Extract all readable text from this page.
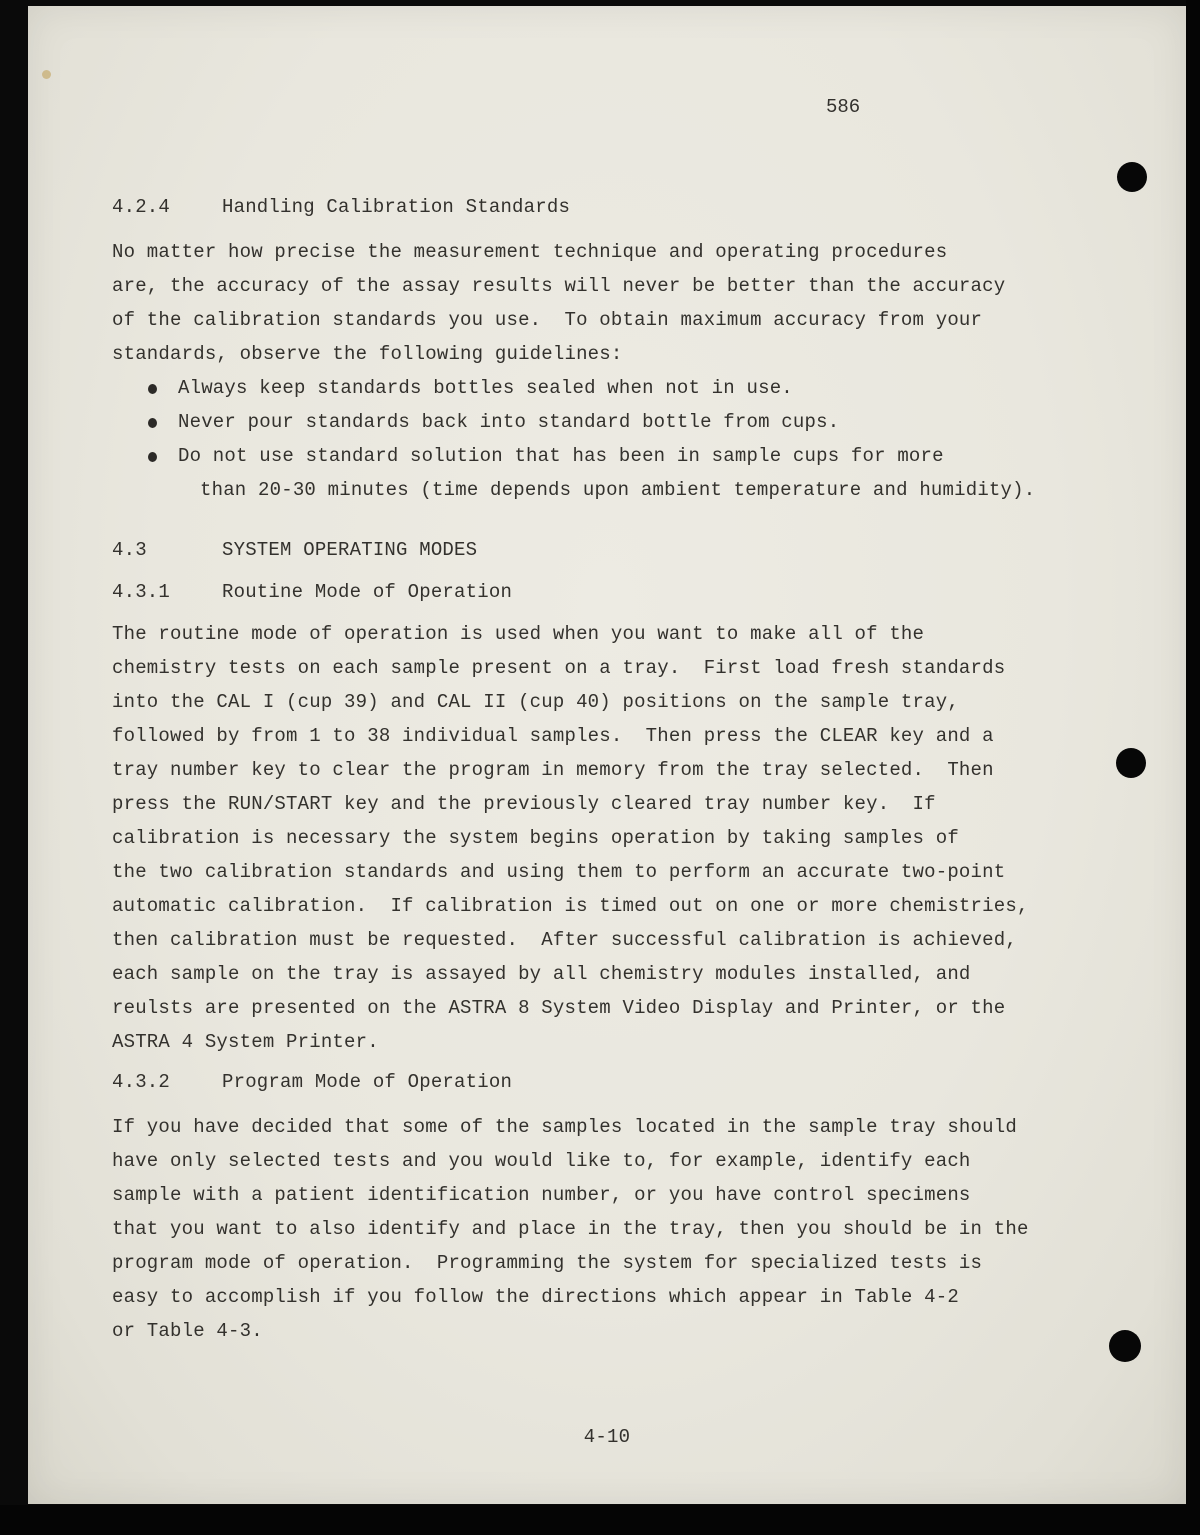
586
4.2.4	Handling Calibration Standards
No matter how precise the measurement technique and operating procedures
are, the accuracy of the assay results will never be better than the accuracy
of the calibration standards you use.  To obtain maximum accuracy from your
standards, observe the following guidelines:
Always keep standards bottles sealed when not in use.
Never pour standards back into standard bottle from cups.
Do not use standard solution that has been in sample cups for more
than 20-30 minutes (time depends upon ambient temperature and humidity).
4.3	SYSTEM OPERATING MODES
4.3.1	Routine Mode of Operation
The routine mode of operation is used when you want to make all of the
chemistry tests on each sample present on a tray.  First load fresh standards
into the CAL I (cup 39) and CAL II (cup 40) positions on the sample tray,
followed by from 1 to 38 individual samples.  Then press the CLEAR key and a
tray number key to clear the program in memory from the tray selected.  Then
press the RUN/START key and the previously cleared tray number key.  If
calibration is necessary the system begins operation by taking samples of
the two calibration standards and using them to perform an accurate two-point
automatic calibration.  If calibration is timed out on one or more chemistries,
then calibration must be requested.  After successful calibration is achieved,
each sample on the tray is assayed by all chemistry modules installed, and
reulsts are presented on the ASTRA 8 System Video Display and Printer, or the
ASTRA 4 System Printer.
4.3.2	Program Mode of Operation
If you have decided that some of the samples located in the sample tray should
have only selected tests and you would like to, for example, identify each
sample with a patient identification number, or you have control specimens
that you want to also identify and place in the tray, then you should be in the
program mode of operation.  Programming the system for specialized tests is
easy to accomplish if you follow the directions which appear in Table 4-2
or Table 4-3.
4-10
